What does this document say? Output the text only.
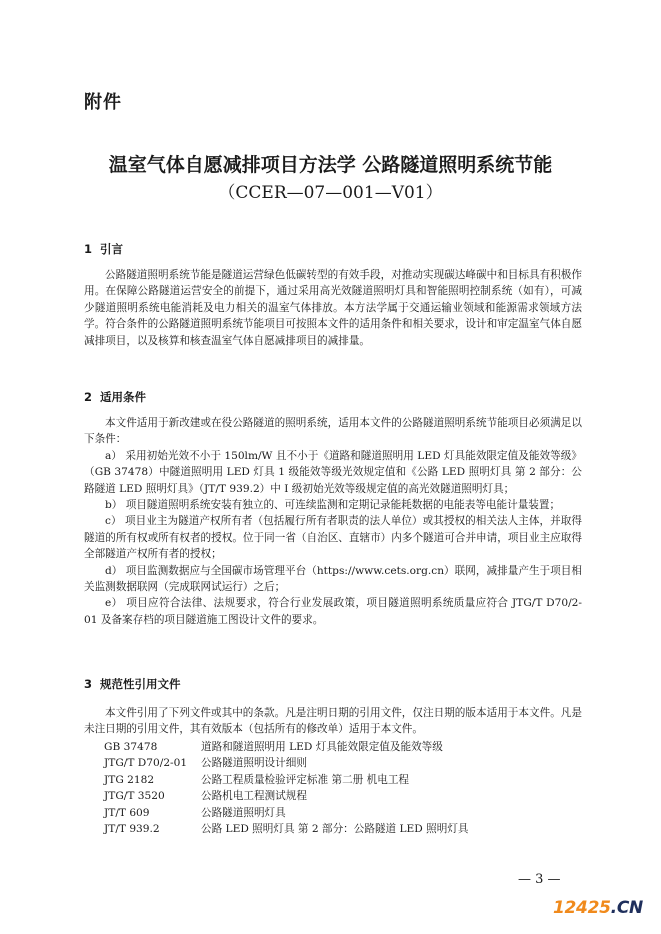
附件
温室气体自愿减排项目方法学 公路隧道照明系统节能
（CCER—07—001—V01）
1 引言

公路隧道照明系统节能是隧道运营绿色低碳转型的有效手段，对推动实现碳达峰碳中和目标具有积极作用。在保障公路隧道运营安全的前提下，通过采用高光效隧道照明灯具和智能照明控制系统（如有），可减少隧道照明系统电能消耗及电力相关的温室气体排放。本方法学属于交通运输业领域和能源需求领域方法学。符合条件的公路隧道照明系统节能项目可按照本文件的适用条件和相关要求，设计和审定温室气体自愿减排项目，以及核算和核查温室气体自愿减排项目的减排量。

2 适用条件

本文件适用于新改建或在役公路隧道的照明系统，适用本文件的公路隧道照明系统节能项目必须满足以下条件：

a） 采用初始光效不小于 150lm/W 且不小于《道路和隧道照明用 LED 灯具能效限定值及能效等级》（GB 37478）中隧道照明用 LED 灯具 1 级能效等级光效规定值和《公路 LED 照明灯具 第 2 部分：公路隧道 LED 照明灯具》（JT/T 939.2）中 I 级初始光效等级规定值的高光效隧道照明灯具；

b） 项目隧道照明系统安装有独立的、可连续监测和定期记录能耗数据的电能表等电能计量装置；

c） 项目业主为隧道产权所有者（包括履行所有者职责的法人单位）或其授权的相关法人主体，并取得隧道的所有权或所有权者的授权。位于同一省（自治区、直辖市）内多个隧道可合并申请，项目业主应取得全部隧道产权所有者的授权；

d） 项目监测数据应与全国碳市场管理平台（https://www.cets.org.cn）联网，减排量产生于项目相关监测数据联网（完成联网试运行）之后；

e） 项目应符合法律、法规要求，符合行业发展政策，项目隧道照明系统质量应符合 JTG/T D70/2-01 及备案存档的项目隧道施工图设计文件的要求。

3 规范性引用文件

本文件引用了下列文件或其中的条款。凡是注明日期的引用文件，仅注日期的版本适用于本文件。凡是未注日期的引用文件，其有效版本（包括所有的修改单）适用于本文件。

GB 37478	道路和隧道照明用 LED 灯具能效限定值及能效等级
JTG/T D70/2-01	公路隧道照明设计细则
JTG 2182	公路工程质量检验评定标准 第二册 机电工程
JTG/T 3520	公路机电工程测试规程
JT/T 609	公路隧道照明灯具
JT/T 939.2	公路 LED 照明灯具 第 2 部分：公路隧道 LED 照明灯具
— 3 —
12425.CN
